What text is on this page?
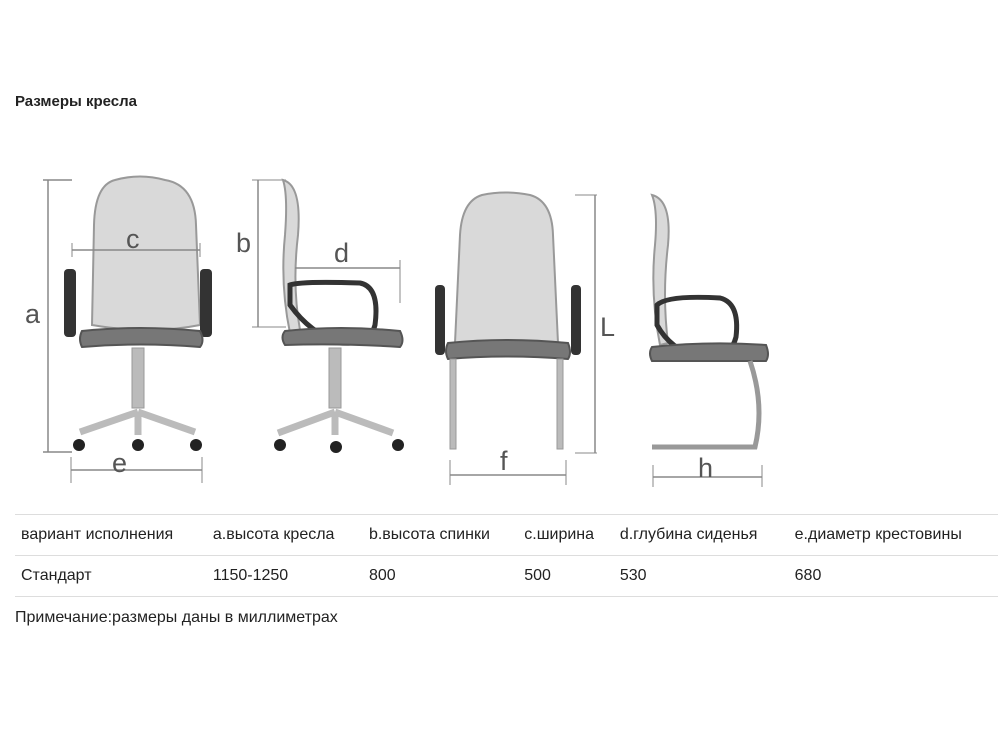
Размеры кресла
a
c
e
b	d
L
f	h
вариант исполнения	a.высота кресла	b.высота спинки	c.ширина	d.глубина сиденья	e.диаметр крестовины
Стандарт	1150-1250	800	500	530	680
Примечание:размеры даны в миллиметрах
